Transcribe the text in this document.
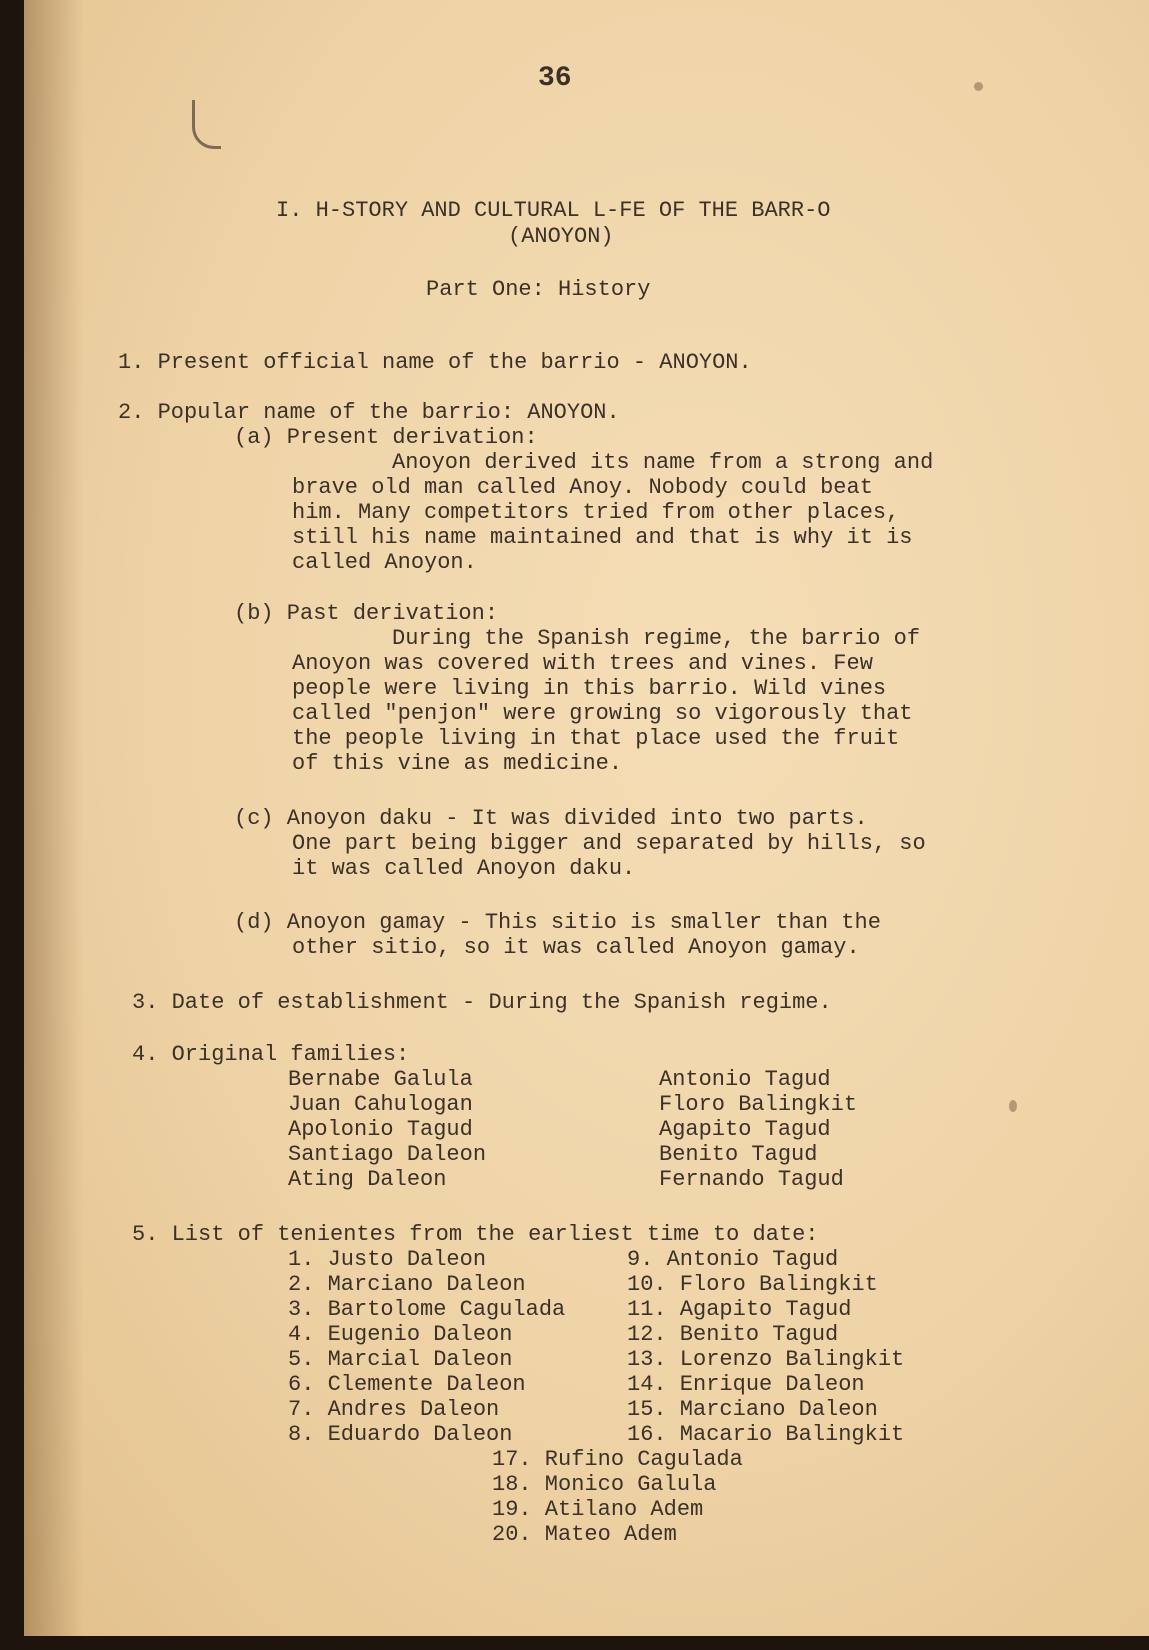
36
I. H-STORY AND CULTURAL L-FE OF THE BARR-O
(ANOYON)
Part One: History
1. Present official name of the barrio - ANOYON.
2. Popular name of the barrio: ANOYON.
(a) Present derivation:
Anoyon derived its name from a strong and
brave old man called Anoy. Nobody could beat
him. Many competitors tried from other places,
still his name maintained and that is why it is
called Anoyon.
(b) Past derivation:
During the Spanish regime, the barrio of
Anoyon was covered with trees and vines. Few
people were living in this barrio. Wild vines
called "penjon" were growing so vigorously that
the people living in that place used the fruit
of this vine as medicine.
(c) Anoyon daku - It was divided into two parts.
One part being bigger and separated by hills, so
it was called Anoyon daku.
(d) Anoyon gamay - This sitio is smaller than the
other sitio, so it was called Anoyon gamay.
3. Date of establishment - During the Spanish regime.
4. Original families:
Bernabe Galula
Juan Cahulogan
Apolonio Tagud
Santiago Daleon
Ating Daleon
Antonio Tagud
Floro Balingkit
Agapito Tagud
Benito Tagud
Fernando Tagud
5. List of tenientes from the earliest time to date:
1. Justo Daleon
2. Marciano Daleon
3. Bartolome Cagulada
4. Eugenio Daleon
5. Marcial Daleon
6. Clemente Daleon
7. Andres Daleon
8. Eduardo Daleon
9. Antonio Tagud
10. Floro Balingkit
11. Agapito Tagud
12. Benito Tagud
13. Lorenzo Balingkit
14. Enrique Daleon
15. Marciano Daleon
16. Macario Balingkit
17. Rufino Cagulada
18. Monico Galula
19. Atilano Adem
20. Mateo Adem
